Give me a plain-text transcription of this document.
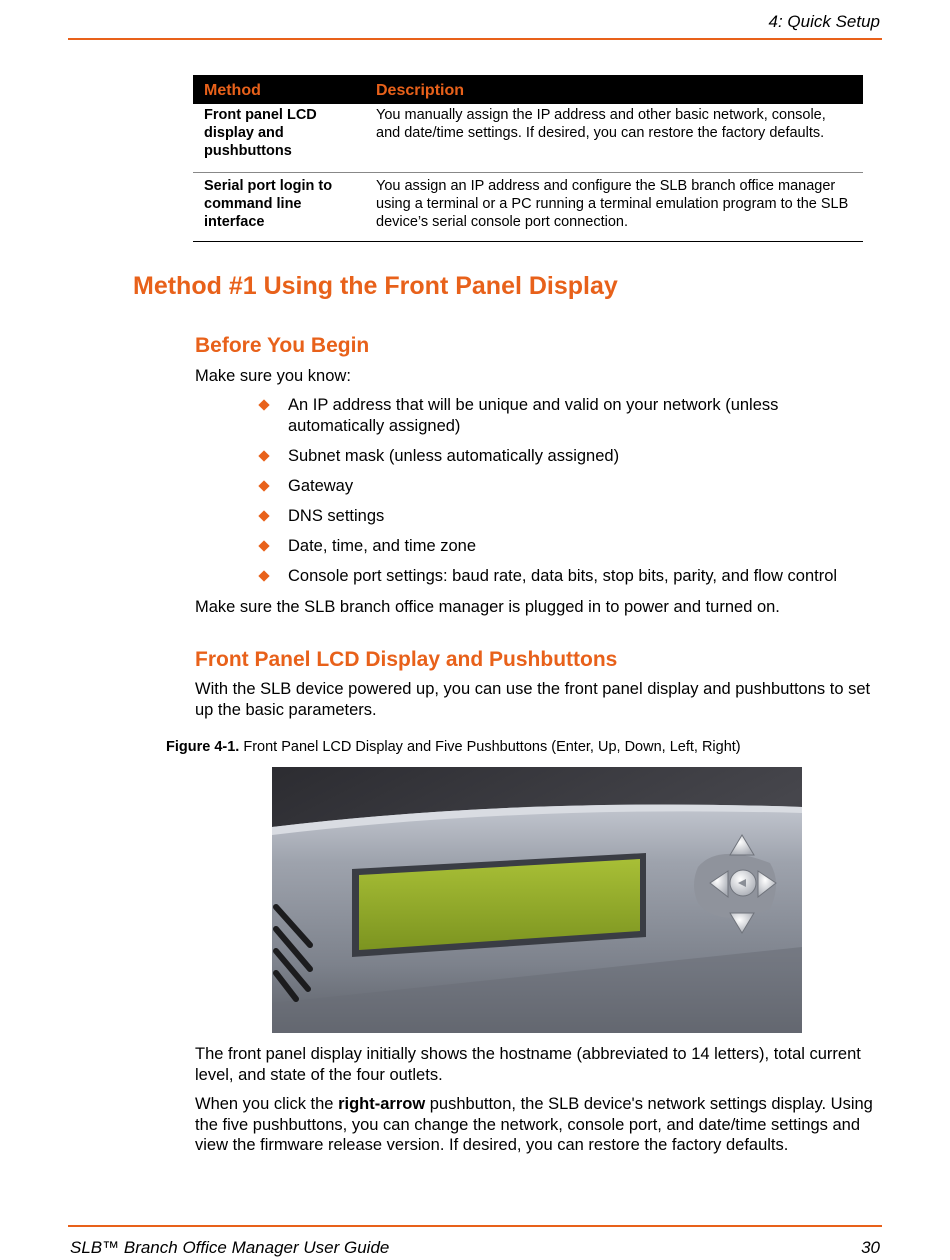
4: Quick Setup
Method	Description
Front panel LCD display and pushbuttons	You manually assign the IP address and other basic network, console, and date/time settings. If desired, you can restore the factory defaults.
Serial port login to command line interface	You assign an IP address and configure the SLB branch office manager using a terminal or a PC running a terminal emulation program to the SLB device’s serial console port connection.
Method #1 Using the Front Panel Display
Before You Begin

Make sure you know:

An IP address that will be unique and valid on your network (unless automatically assigned)
Subnet mask (unless automatically assigned)
Gateway
DNS settings
Date, time, and time zone
Console port settings: baud rate, data bits, stop bits, parity, and flow control

Make sure the SLB branch office manager is plugged in to power and turned on.

Front Panel LCD Display and Pushbuttons

With the SLB device powered up, you can use the front panel display and pushbuttons to set up the basic parameters.

Figure 4-1. Front Panel LCD Display and Five Pushbuttons (Enter, Up, Down, Left, Right)

The front panel display initially shows the hostname (abbreviated to 14 letters), total current level, and state of the four outlets.

When you click the right-arrow pushbutton, the SLB device's network settings display. Using the five pushbuttons, you can change the network, console port, and date/time settings and view the firmware release version. If desired, you can restore the factory defaults.

SLB™ Branch Office Manager User Guide	30
